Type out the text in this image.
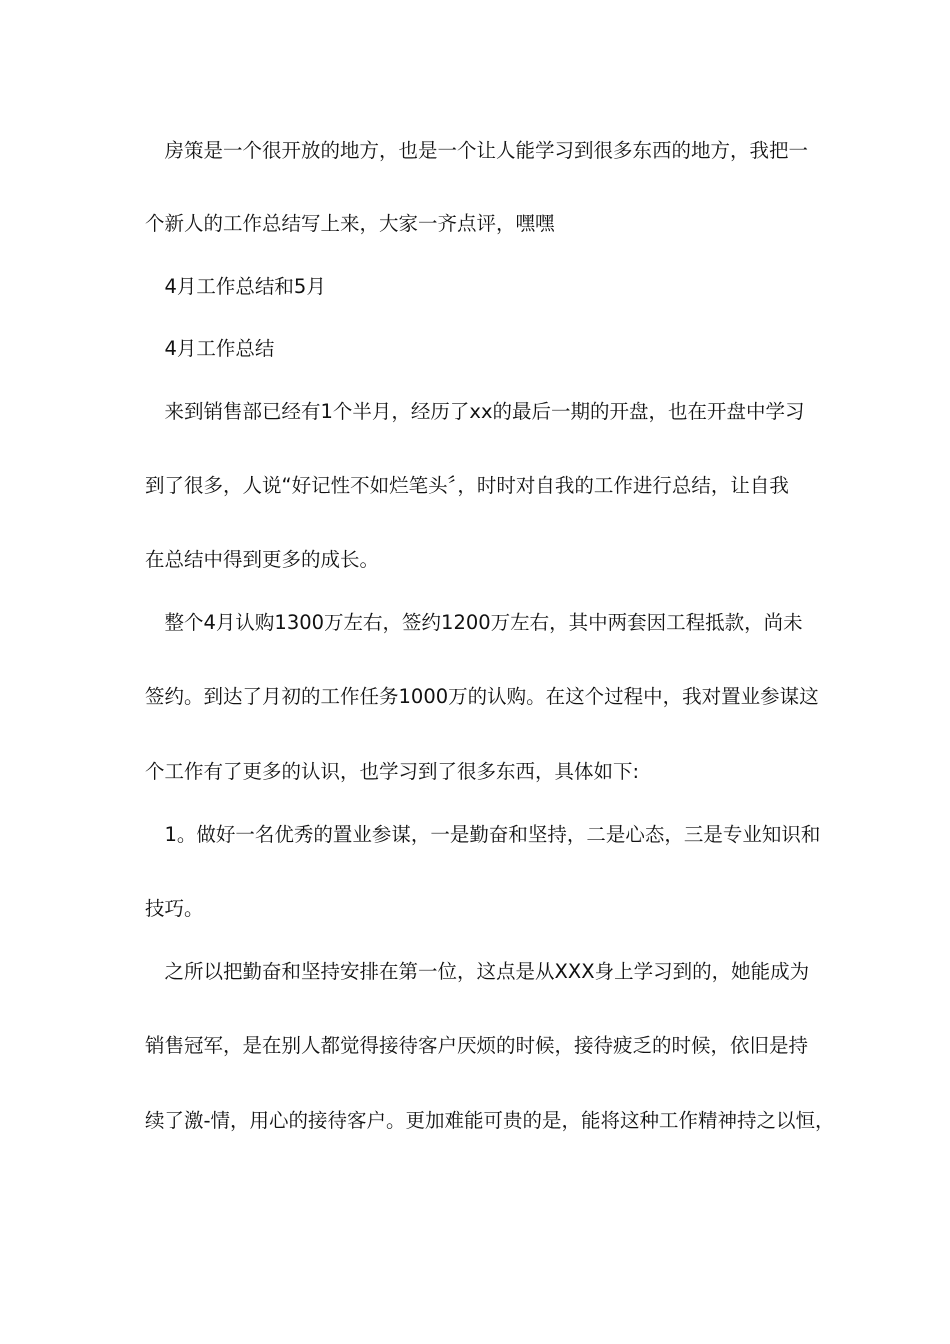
　房策是一个很开放的地方，也是一个让人能学习到很多东西的地方，我把一
个新人的工作总结写上来，大家一齐点评，嘿嘿
　4月工作总结和5月
　4月工作总结
　来到销售部已经有1个半月，经历了xx的最后一期的开盘，也在开盘中学习
到了很多，人说“好记性不如烂笔头〞，时时对自我的工作进行总结，让自我
在总结中得到更多的成长。
　整个4月认购1300万左右，签约1200万左右，其中两套因工程抵款，尚未
签约。到达了月初的工作任务1000万的认购。在这个过程中，我对置业参谋这
个工作有了更多的认识，也学习到了很多东西，具体如下:
　1。做好一名优秀的置业参谋，一是勤奋和坚持，二是心态，三是专业知识和
技巧。
　之所以把勤奋和坚持安排在第一位，这点是从XXX身上学习到的，她能成为
销售冠军，是在别人都觉得接待客户厌烦的时候，接待疲乏的时候，依旧是持
续了激-情，用心的接待客户。更加难能可贵的是，能将这种工作精神持之以恒，
